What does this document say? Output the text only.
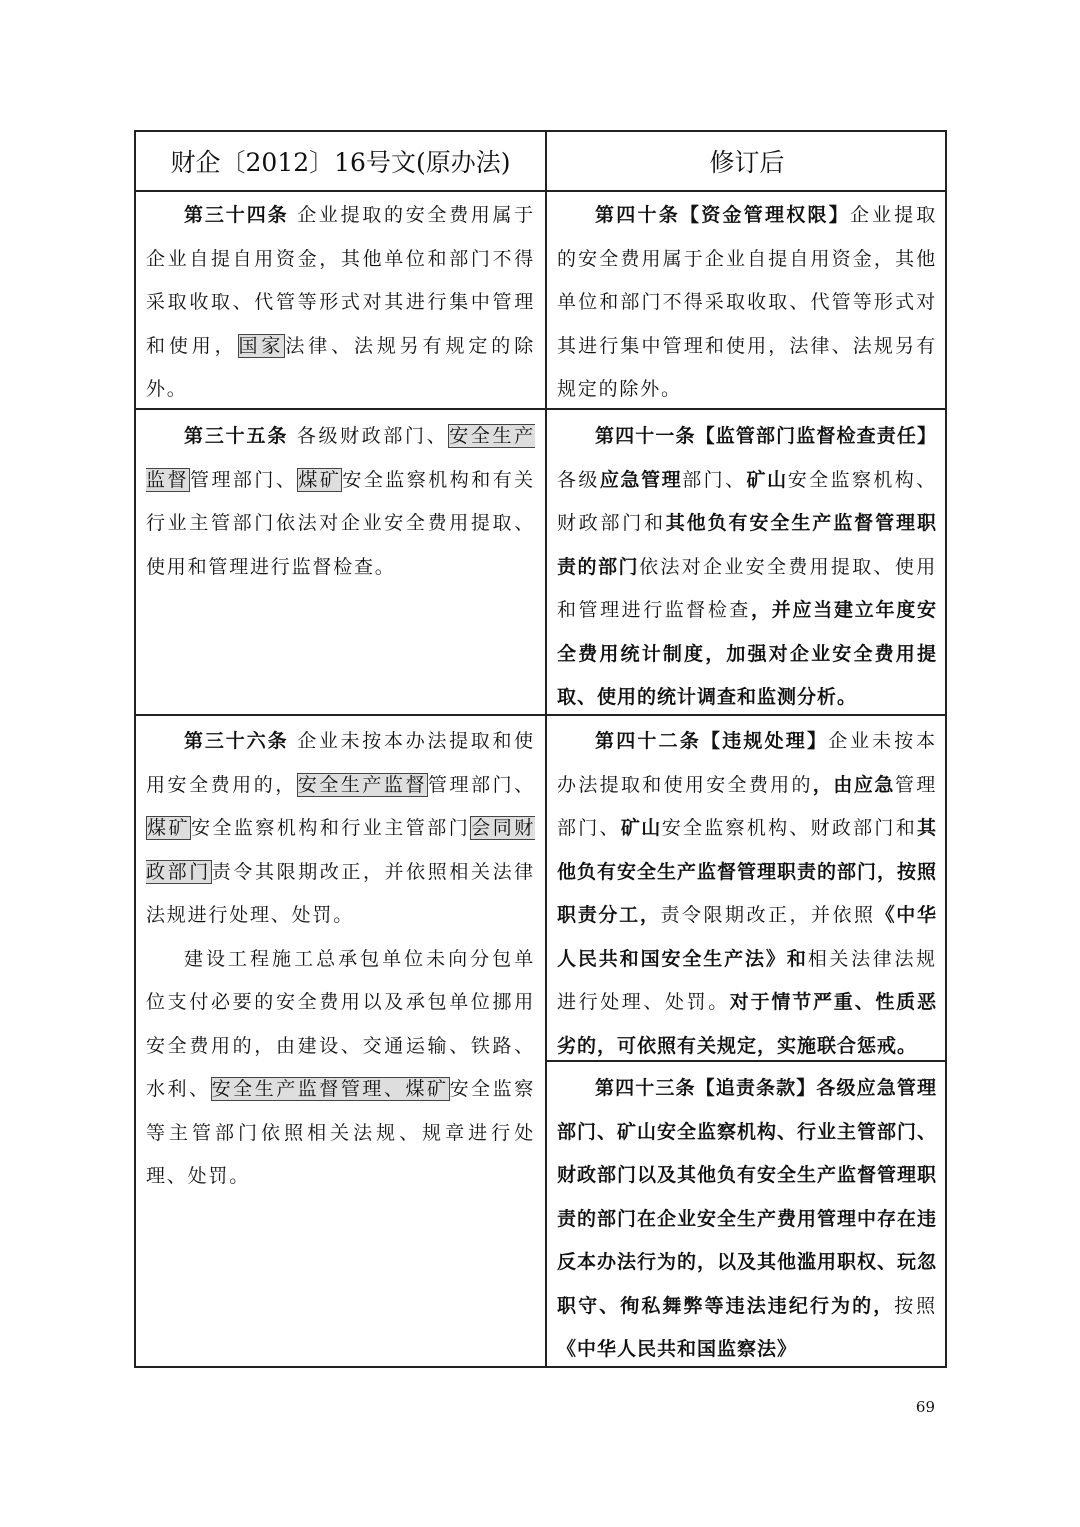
财企〔2012〕16号文(原办法)	修订后

第三十四条 企业提取的安全费用属于企业自提自用资金，其他单位和部门不得采取收取、代管等形式对其进行集中管理和使用，国家法律、法规另有规定的除外。

第四十条【资金管理权限】企业提取的安全费用属于企业自提自用资金，其他单位和部门不得采取收取、代管等形式对其进行集中管理和使用，法律、法规另有规定的除外。

第三十五条 各级财政部门、安全生产监督管理部门、煤矿安全监察机构和有关行业主管部门依法对企业安全费用提取、使用和管理进行监督检查。

第四十一条【监管部门监督检查责任】各级应急管理部门、矿山安全监察机构、财政部门和其他负有安全生产监督管理职责的部门依法对企业安全费用提取、使用和管理进行监督检查，并应当建立年度安全费用统计制度，加强对企业安全费用提取、使用的统计调查和监测分析。

第三十六条 企业未按本办法提取和使用安全费用的，安全生产监督管理部门、煤矿安全监察机构和行业主管部门会同财政部门责令其限期改正，并依照相关法律法规进行处理、处罚。

建设工程施工总承包单位未向分包单位支付必要的安全费用以及承包单位挪用安全费用的，由建设、交通运输、铁路、水利、安全生产监督管理、煤矿安全监察等主管部门依照相关法规、规章进行处理、处罚。

第四十二条【违规处理】企业未按本办法提取和使用安全费用的，由应急管理部门、矿山安全监察机构、财政部门和其他负有安全生产监督管理职责的部门，按照职责分工，责令限期改正，并依照《中华人民共和国安全生产法》和相关法律法规进行处理、处罚。对于情节严重、性质恶劣的，可依照有关规定，实施联合惩戒。

第四十三条【追责条款】各级应急管理部门、矿山安全监察机构、行业主管部门、财政部门以及其他负有安全生产监督管理职责的部门在企业安全生产费用管理中存在违反本办法行为的，以及其他滥用职权、玩忽职守、徇私舞弊等违法违纪行为的，按照《中华人民共和国监察法》

69
